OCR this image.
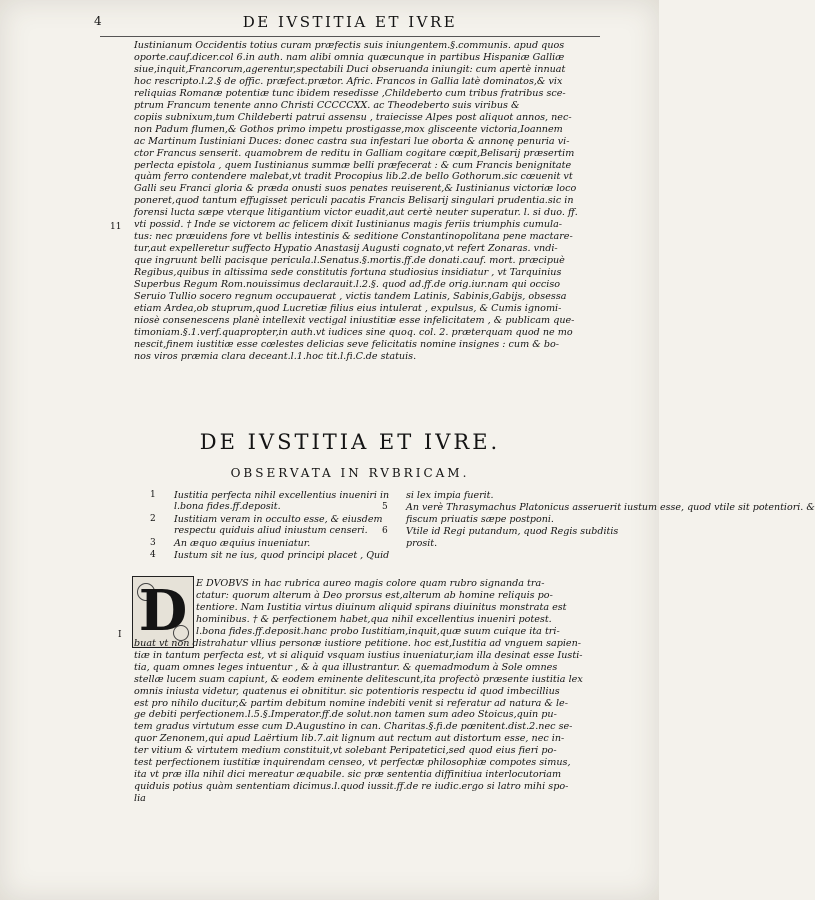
4	DE IVSTITIA ET IVRE
Iustinianum Occidentis totius curam præfectis suis iniungentem.§.communis. apud quos
oporte.cauf.dicer.col 6.in auth. nam alibi omnia quæcunque in partibus Hispaniæ Galliæ
siue,inquit,Francorum,agerentur,spectabili Duci obseruanda iniungit: cum apertè innuat
hoc rescripto.l.2.§ de offic. præfect.prætor. Afric. Francos in Gallia latè dominatos,& vix
reliquias Romanæ potentiæ tunc ibidem resedisse ,Childeberto cum tribus fratribus sce-
ptrum Francum tenente anno Christi CCCCCXX. ac Theodeberto suis viribus &
copiis subnixum,tum Childeberti patrui assensu , traiecisse Alpes post aliquot annos, nec-
non Padum flumen,& Gothos primo impetu prostigasse,mox glisceente victoria,Ioannem
ac Martinum Iustiniani Duces: donec castra sua infestari lue oborta & annonę penuria vi-
ctor Francus senserit. quamobrem de reditu in Galliam cogitare cœpit,Belisarij præsertim
perlecta epistola , quem Iustinianus summæ belli præfecerat : & cum Francis benignitate
quàm ferro contendere malebat,vt tradit Procopius lib.2.de bello Gothorum.sic cœuenit vt
Galli seu Franci gloria & præda onusti suos penates reuiserent,& Iustinianus victoriæ loco
poneret,quod tantum effugisset periculi pacatis Francis Belisarij singulari prudentia.sic in
forensi lucta sæpe vterque litigantium victor euadit,aut certè neuter superatur. l. si duo. ff.
vti possid. † Inde se victorem ac felicem dixit Iustinianus magis feriis triumphis cumula-
tus: nec præuidens fore vt bellis intestinis & seditione Constantinopolitana pene mactare-
tur,aut expelleretur suffecto Hypatio Anastasij Augusti cognato,vt refert Zonaras. vndi-
que ingruunt belli pacisque pericula.l.Senatus.§.mortis.ff.de donati.cauf. mort. præcipuè
Regibus,quibus in altissima sede constitutis fortuna studiosius insidiatur , vt Tarquinius
Superbus Regum Rom.nouissimus declarauit.l.2.§. quod ad.ff.de orig.iur.nam qui occiso
Seruio Tullio socero regnum occupauerat , victis tandem Latinis, Sabinis,Gabijs, obsessa
etiam Ardea,ob stuprum,quod Lucretiæ filius eius intulerat , expulsus, & Cumis ignomi-
niosè consenescens planè intellexit vectigal iniustitiæ esse infelicitatem , & publicam que-
timoniam.§.1.verf.quapropter,in auth.vt iudices sine quoq. col. 2. præterquam quod ne mo
nescit,finem iustitiæ esse cœlestes delicias seve felicitatis nomine insignes : cum & bo-
nos viros præmia clara deceant.l.1.hoc tit.l.fi.C.de statuis.
11
DE IVSTITIA ET IVRE.
OBSERVATA IN RVBRICAM.
1 Iustitia perfecta nihil excellentius inueniri in
l.bona fides.ff.deposit.
2 Iustitiam veram in occulto esse, & eiusdem
respectu quiduis aliud iniustum censeri.
3 An æquo æquius inueniatur.
4 Iustum sit ne ius, quod principi placet , Quid
si lex impia fuerit.
5 An verè Thrasymachus Platonicus asseruerit iustum esse, quod vtile sit potentiori. &
fiscum priuatis sæpe postponi.
6 Vtile id Regi putandum, quod Regis subditis
prosit.
D
I
E DVOBVS in hac rubrica aureo magis colore quam rubro signanda tra-
ctatur: quorum alterum à Deo prorsus est,alterum ab homine reliquis po-
tentiore. Nam Iustitia virtus diuinum aliquid spirans diuinitus monstrata est
hominibus. † & perfectionem habet,qua nihil excellentius inueniri potest.
l.bona fides.ff.deposit.hanc probo Iustitiam,inquit,quæ suum cuique ita tri-
buat vt non distrahatur vllius personæ iustiore petitione. hoc est,Iustitia ad vnguem sapien-
tiæ in tantum perfecta est, vt si aliquid vsquam iustius inueniatur,iam illa desinat esse Iusti-
tia, quam omnes leges intuentur , & à qua illustrantur. & quemadmodum à Sole omnes
stellæ lucem suam capiunt, & eodem eminente delitescunt,ita profectò præsente iustitia lex
omnis iniusta videtur, quatenus ei obnititur. sic potentioris respectu id quod imbecillius
est pro nihilo ducitur,& partim debitum nomine indebiti venit si referatur ad natura & le-
ge debiti perfectionem.l.5.§.Imperator.ff.de solut.non tamen sum adeo Stoicus,quin pu-
tem gradus virtutum esse cum D.Augustino in can. Charitas.§.fi.de pœnitent.dist.2.nec se-
quor Zenonem,qui apud Laërtium lib.7.ait lignum aut rectum aut distortum esse, nec in-
ter vitium & virtutem medium constituit,vt solebant Peripatetici,sed quod eius fieri po-
test perfectionem iustitiæ inquirendam censeo, vt perfectæ philosophiæ compotes simus,
ita vt præ illa nihil dici mereatur æquabile. sic præ sententia diffinitiua interlocutoriam
quiduis potius quàm sententiam dicimus.l.quod iussit.ff.de re iudic.ergo si latro mihi spo-
lia
